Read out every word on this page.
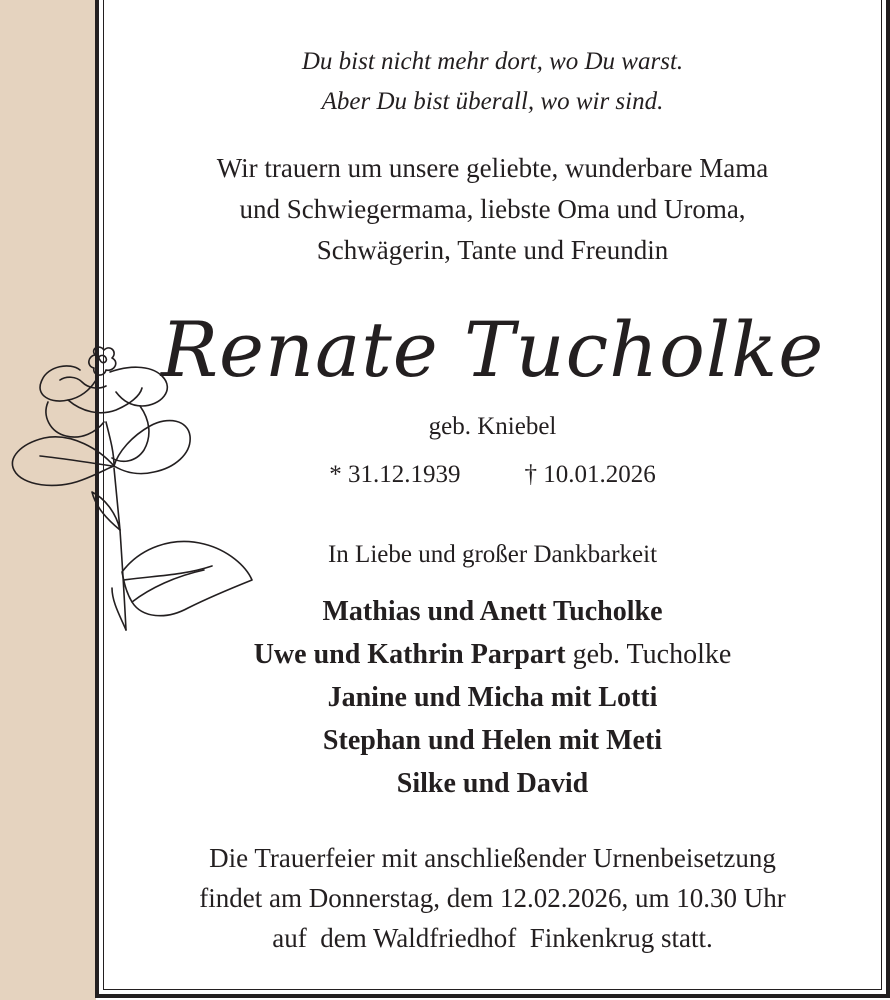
Du bist nicht mehr dort, wo Du warst.
Aber Du bist überall, wo wir sind.
Wir trauern um unsere geliebte, wunderbare Mama
und Schwiegermama, liebste Oma und Uroma,
Schwägerin, Tante und Freundin
Renate Tucholke
geb. Kniebel
* 31.12.1939	† 10.01.2026
In Liebe und großer Dankbarkeit
Mathias und Anett Tucholke
Uwe und Kathrin Parpart geb. Tucholke
Janine und Micha mit Lotti
Stephan und Helen mit Meti
Silke und David
Die Trauerfeier mit anschließender Urnenbeisetzung
findet am Donnerstag, dem 12.02.2026, um 10.30 Uhr
auf  dem Waldfriedhof  Finkenkrug statt.
